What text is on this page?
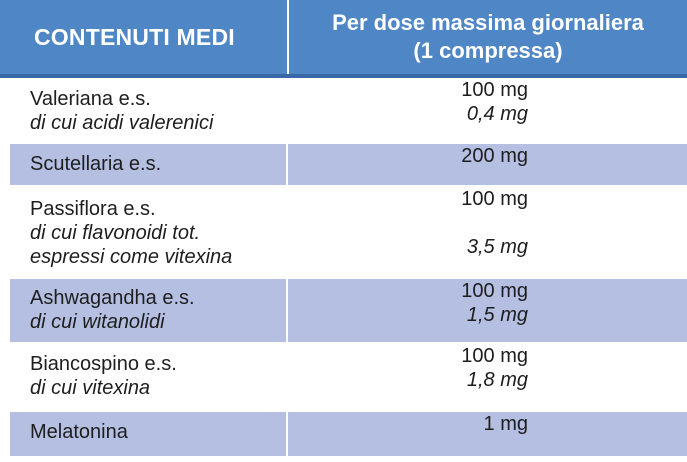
CONTENUTI MEDI
Per dose massima giornaliera
(1 compressa)
Valeriana e.s.
di cui acidi valerenici
100 mg
0,4 mg
Scutellaria e.s.	200 mg
Passiflora e.s.
di cui flavonoidi tot.
espressi come vitexina
100 mg
3,5 mg
Ashwagandha e.s.
di cui witanolidi
100 mg
1,5 mg
Biancospino e.s.
di cui vitexina
100 mg
1,8 mg
Melatonina	1 mg
